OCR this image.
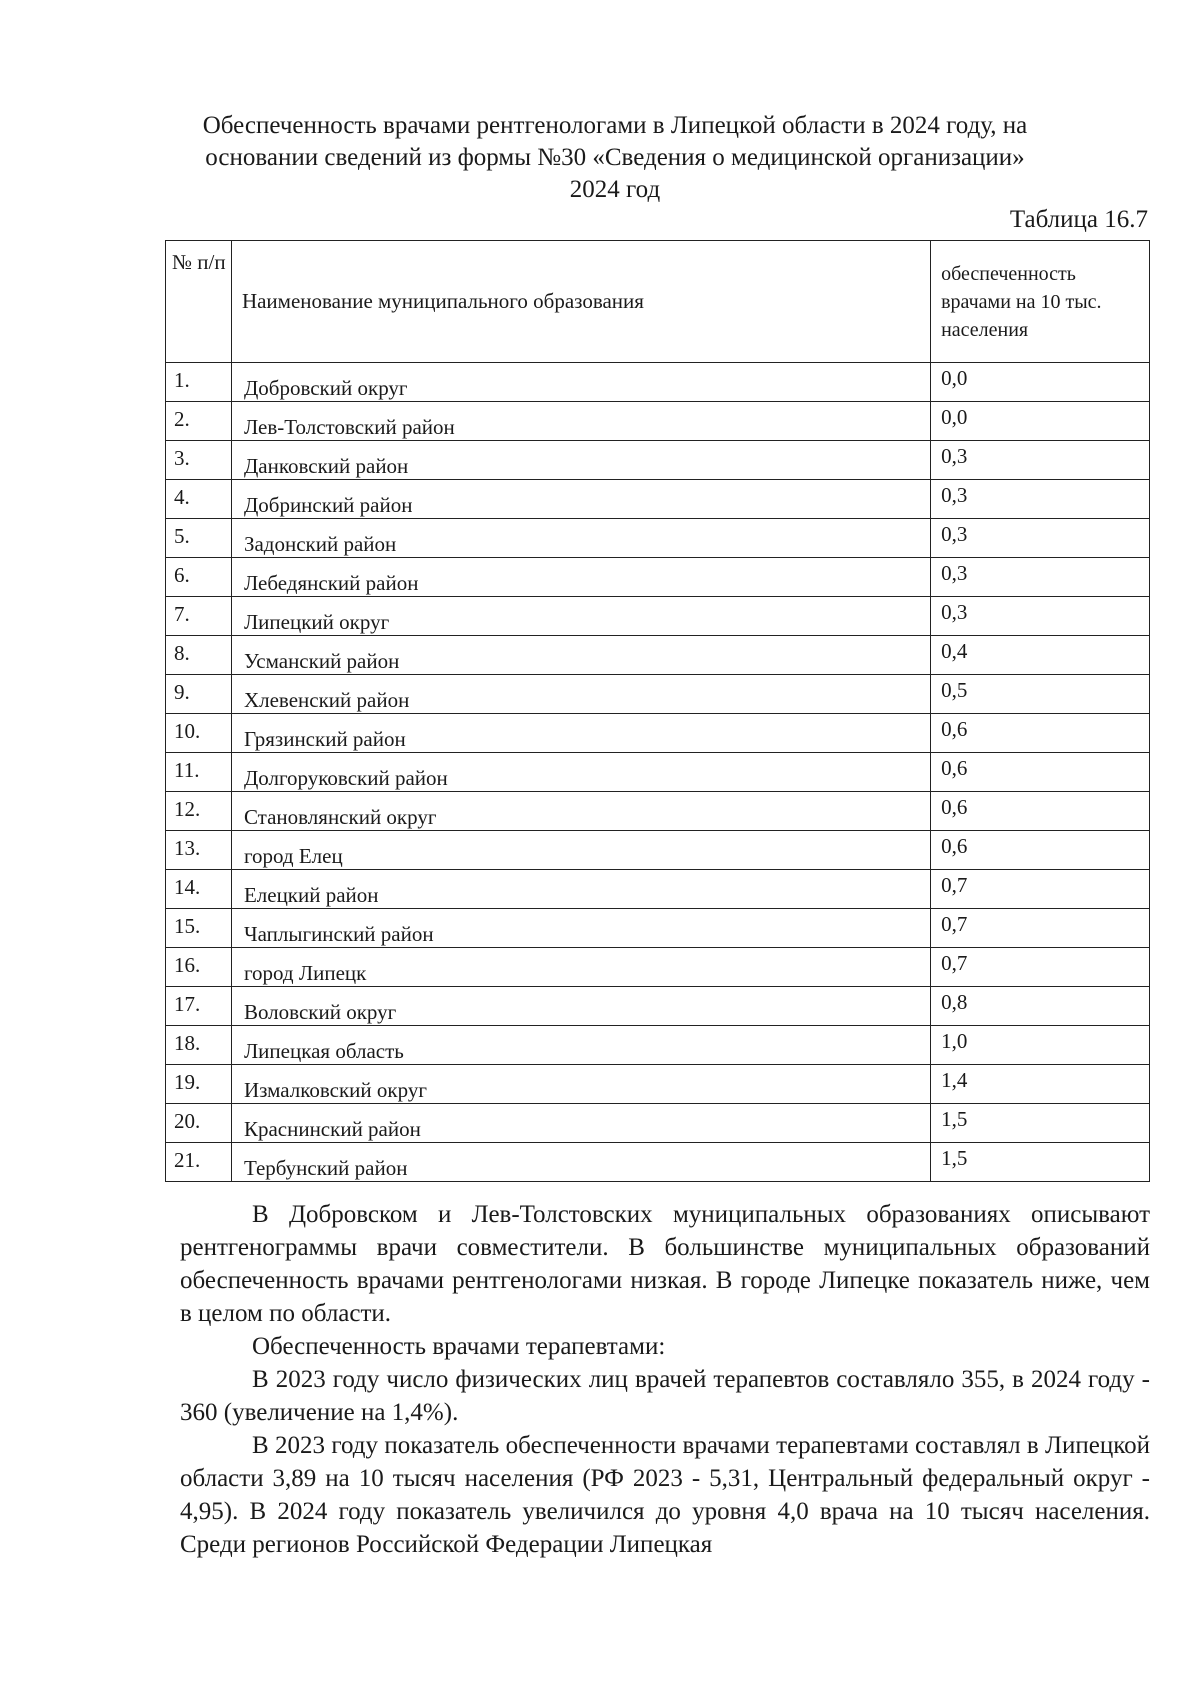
Обеспеченность врачами рентгенологами в Липецкой области в 2024 году, на
основании сведений из формы №30 «Сведения о медицинской организации»
2024 год
Таблица 16.7
№ п/п	Наименование муниципального образования	обеспеченность врачами на 10 тыс. населения
1.	Добровский округ	0,0
2.	Лев-Толстовский район	0,0
3.	Данковский район	0,3
4.	Добринский район	0,3
5.	Задонский район	0,3
6.	Лебедянский район	0,3
7.	Липецкий округ	0,3
8.	Усманский район	0,4
9.	Хлевенский район	0,5
10.	Грязинский район	0,6
11.	Долгоруковский район	0,6
12.	Становлянский округ	0,6
13.	город Елец	0,6
14.	Елецкий район	0,7
15.	Чаплыгинский район	0,7
16.	город Липецк	0,7
17.	Воловский округ	0,8
18.	Липецкая область	1,0
19.	Измалковский округ	1,4
20.	Краснинский район	1,5
21.	Тербунский район	1,5

В Добровском и Лев-Толстовских муниципальных образованиях описывают рентгенограммы врачи совместители. В большинстве муниципальных образований обеспеченность врачами рентгенологами низкая. В городе Липецке показатель ниже, чем в целом по области.

Обеспеченность врачами терапевтами:

В 2023 году число физических лиц врачей терапевтов составляло 355, в 2024 году - 360 (увеличение на 1,4%).

В 2023 году показатель обеспеченности врачами терапевтами составлял в Липецкой области 3,89 на 10 тысяч населения (РФ 2023 - 5,31, Центральный федеральный округ - 4,95). В 2024 году показатель увеличился до уровня 4,0 врача на 10 тысяч населения. Среди регионов Российской Федерации Липецкая
